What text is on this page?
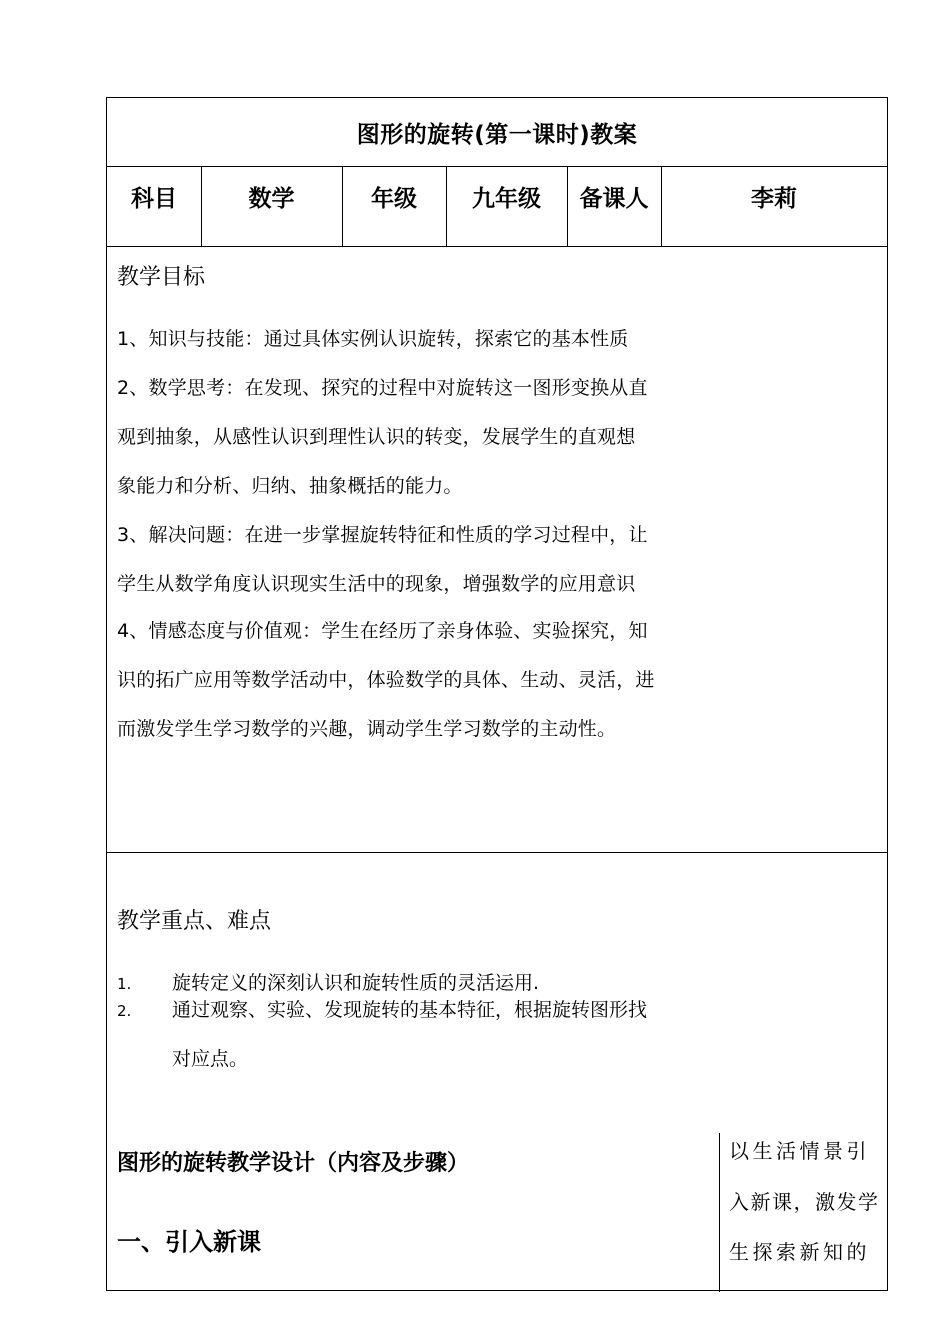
图形的旋转(第一课时)教案
科目	数学	年级	九年级	备课人	李莉
教学目标
1、知识与技能：通过具体实例认识旋转，探索它的基本性质
2、数学思考：在发现、探究的过程中对旋转这一图形变换从直
观到抽象，从感性认识到理性认识的转变，发展学生的直观想
象能力和分析、归纳、抽象概括的能力。
3、解决问题：在进一步掌握旋转特征和性质的学习过程中，让
学生从数学角度认识现实生活中的现象，增强数学的应用意识
4、情感态度与价值观：学生在经历了亲身体验、实验探究，知
识的拓广应用等数学活动中，体验数学的具体、生动、灵活，进
而激发学生学习数学的兴趣，调动学生学习数学的主动性。
教学重点、难点
1. 旋转定义的深刻认识和旋转性质的灵活运用.
2. 通过观察、实验、发现旋转的基本特征，根据旋转图形找
对应点。
图形的旋转教学设计（内容及步骤）
一、引入新课
以生活情景引
入新课，激发学
生探索新知的
